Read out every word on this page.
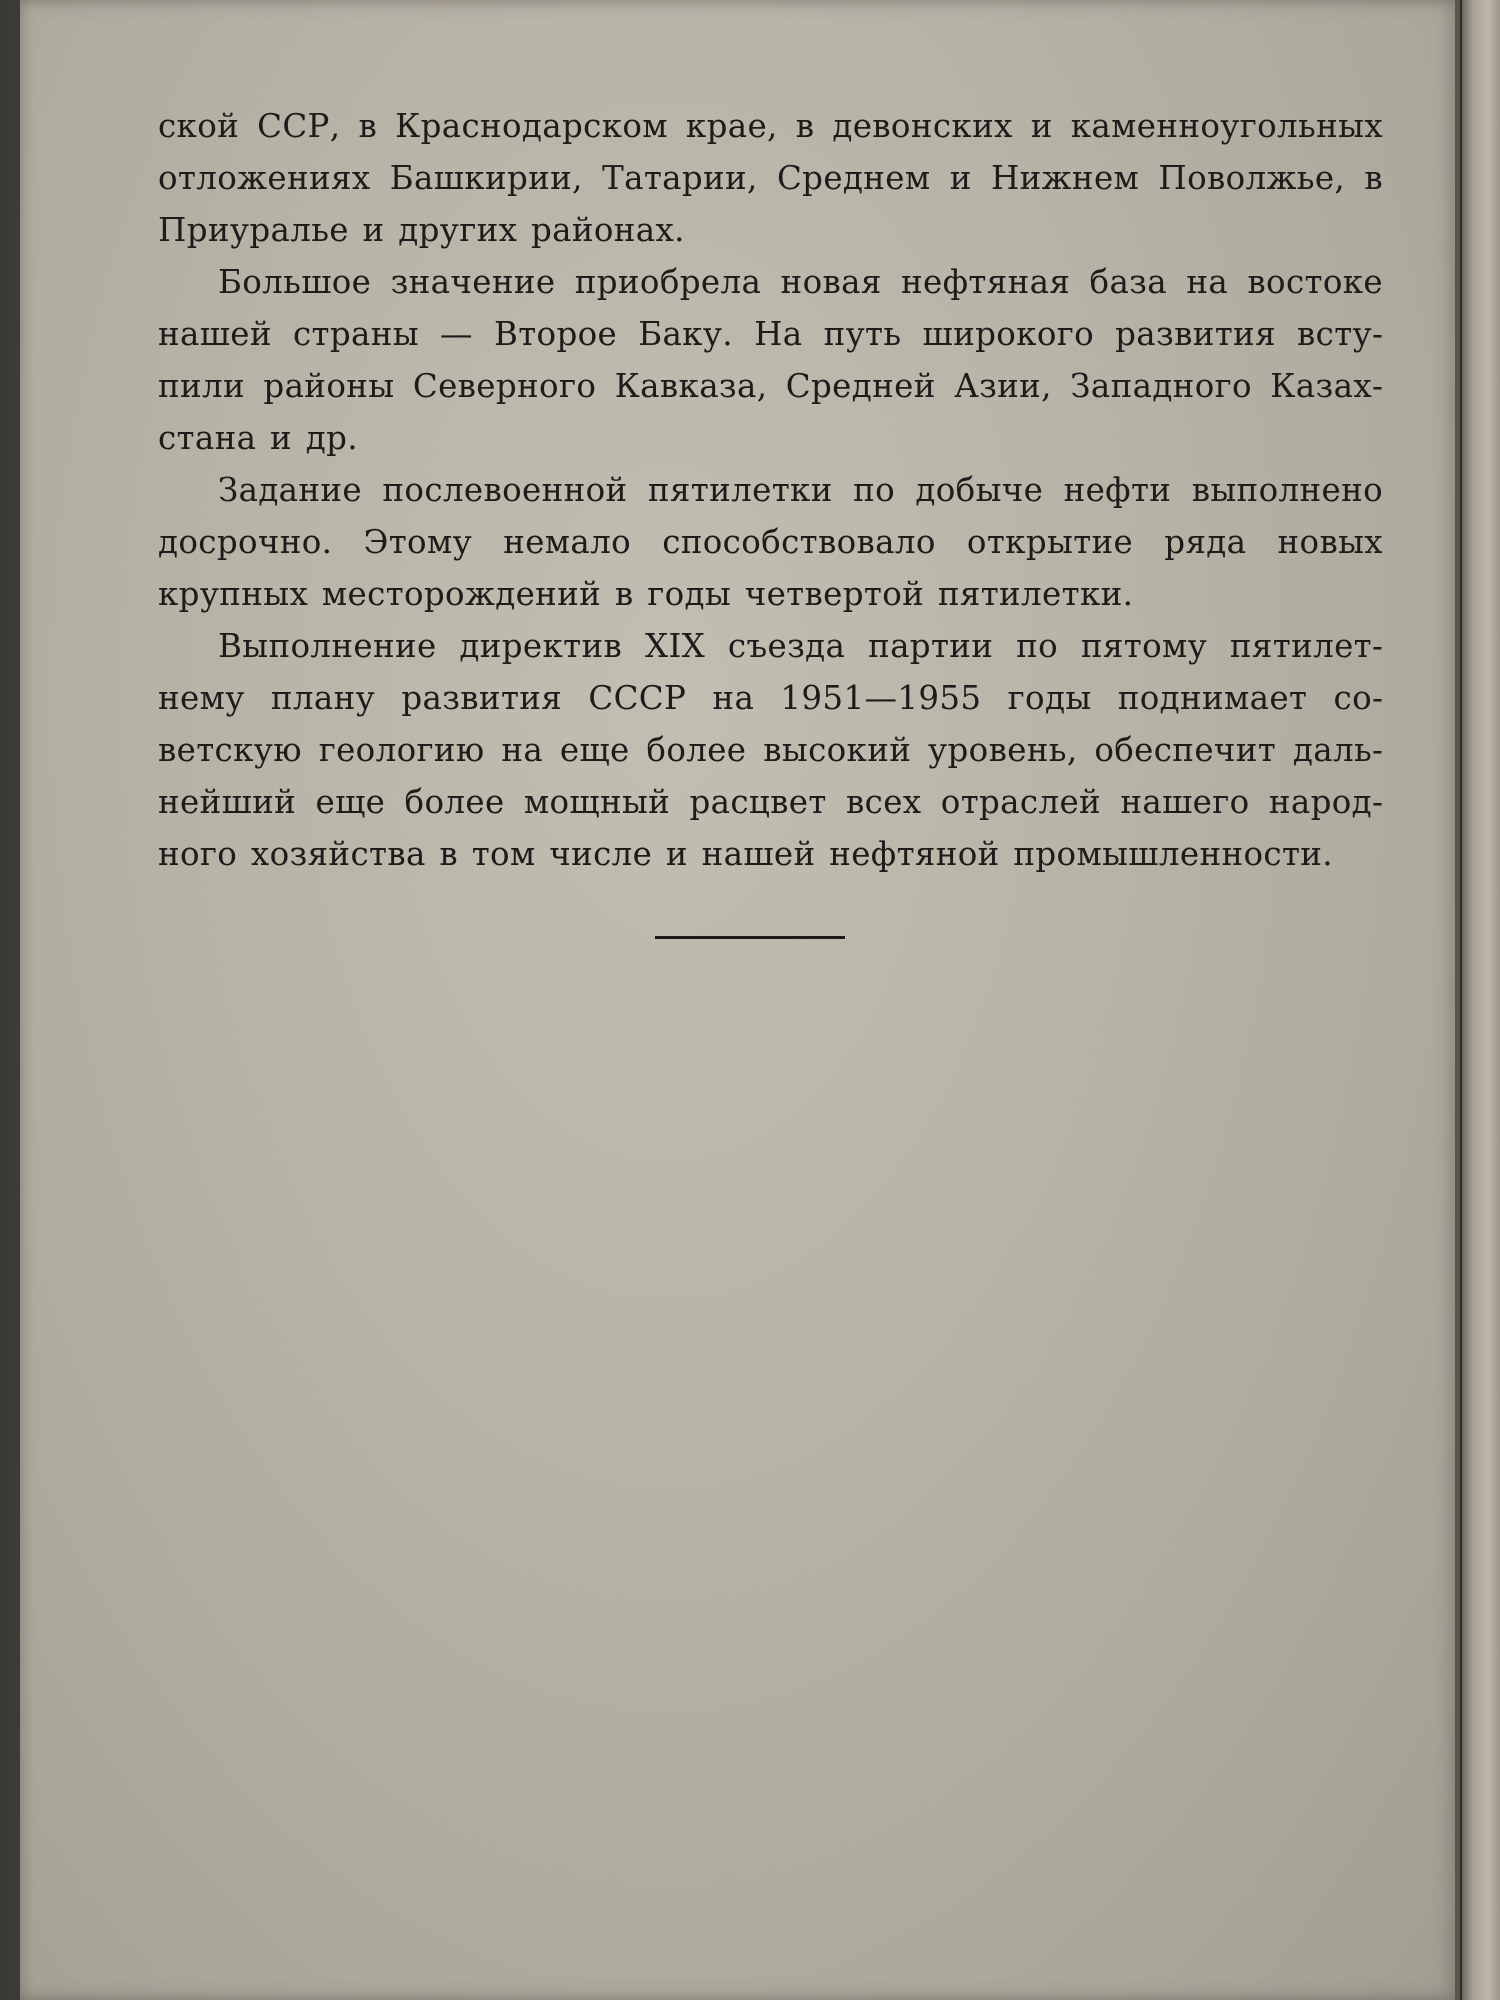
ской ССР, в Краснодарском крае, в девонских и каменноугольных отложениях Башкирии, Татарии, Среднем и Нижнем Поволжье, в Приуралье и других районах.

Большое значение приобрела новая нефтяная база на востоке нашей страны — Второе Баку. На путь широкого развития вступили районы Северного Кавказа, Средней Азии, Западного Казахстана и др.

Задание послевоенной пятилетки по добыче нефти выполнено досрочно. Этому немало способствовало открытие ряда новых крупных месторождений в годы четвертой пятилетки.

Выполнение директив XIX съезда партии по пятому пятилетнему плану развития СССР на 1951—1955 годы поднимает советскую геологию на еще более высокий уровень, обеспечит дальнейший еще более мощный расцвет всех отраслей нашего народного хозяйства в том числе и нашей нефтяной промышленности.
